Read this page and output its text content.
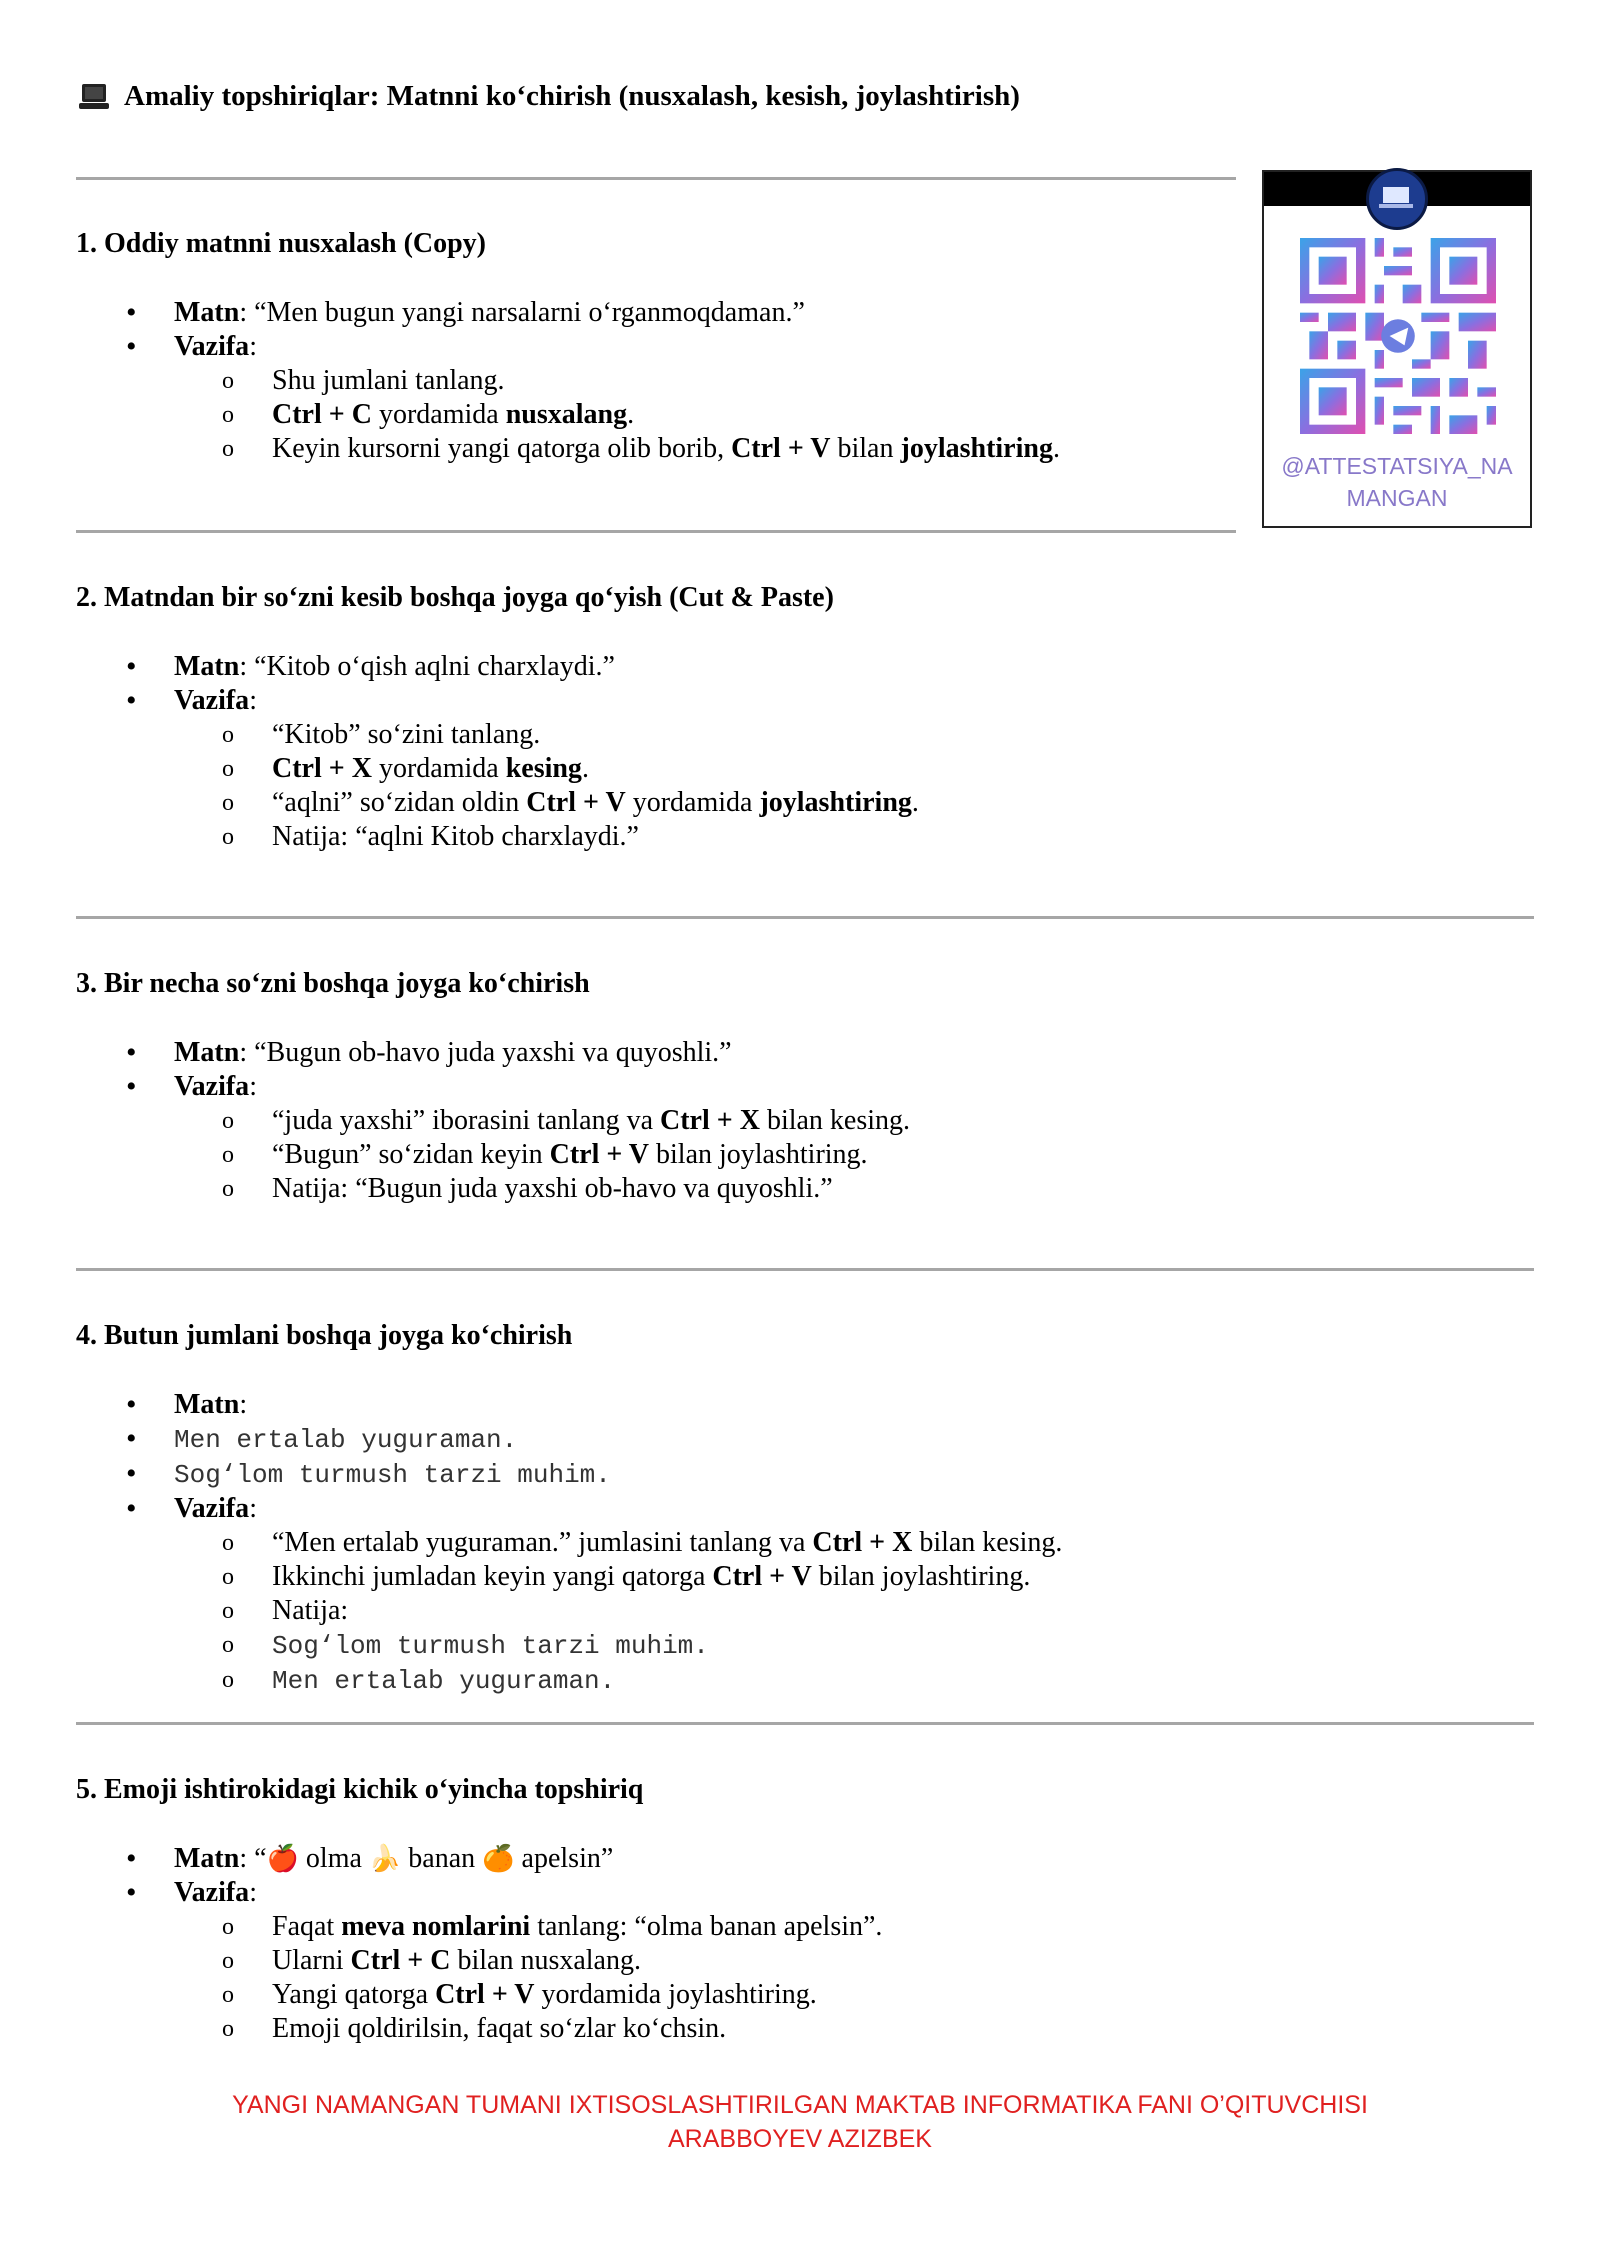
Amaliy topshiriqlar: Matnni ko‘chirish (nusxalash, kesish, joylashtirish)
@ATTESTATSIYA_NA
MANGAN
1. Oddiy matnni nusxalash (Copy)
• Matn: “Men bugun yangi narsalarni o‘rganmoqdaman.”
• Vazifa:
o Shu jumlani tanlang.
o Ctrl + C yordamida nusxalang.
o Keyin kursorni yangi qatorga olib borib, Ctrl + V bilan joylashtiring.
2. Matndan bir so‘zni kesib boshqa joyga qo‘yish (Cut & Paste)
• Matn: “Kitob o‘qish aqlni charxlaydi.”
• Vazifa:
o “Kitob” so‘zini tanlang.
o Ctrl + X yordamida kesing.
o “aqlni” so‘zidan oldin Ctrl + V yordamida joylashtiring.
o Natija: “aqlni Kitob charxlaydi.”
3. Bir necha so‘zni boshqa joyga ko‘chirish
• Matn: “Bugun ob-havo juda yaxshi va quyoshli.”
• Vazifa:
o “juda yaxshi” iborasini tanlang va Ctrl + X bilan kesing.
o “Bugun” so‘zidan keyin Ctrl + V bilan joylashtiring.
o Natija: “Bugun juda yaxshi ob-havo va quyoshli.”
4. Butun jumlani boshqa joyga ko‘chirish
• Matn:
• Men ertalab yuguraman.
• Sog‘lom turmush tarzi muhim.
• Vazifa:
o “Men ertalab yuguraman.” jumlasini tanlang va Ctrl + X bilan kesing.
o Ikkinchi jumladan keyin yangi qatorga Ctrl + V bilan joylashtiring.
o Natija:
o Sog‘lom turmush tarzi muhim.
o Men ertalab yuguraman.
5. Emoji ishtirokidagi kichik o‘yincha topshiriq
• Matn: “🍎 olma 🍌 banan 🍊 apelsin”
• Vazifa:
o Faqat meva nomlarini tanlang: “olma banan apelsin”.
o Ularni Ctrl + C bilan nusxalang.
o Yangi qatorga Ctrl + V yordamida joylashtiring.
o Emoji qoldirilsin, faqat so‘zlar ko‘chsin.
YANGI NAMANGAN TUMANI IXTISOSLASHTIRILGAN MAKTAB INFORMATIKA FANI O’QITUVCHISI
ARABBOYEV AZIZBEK
